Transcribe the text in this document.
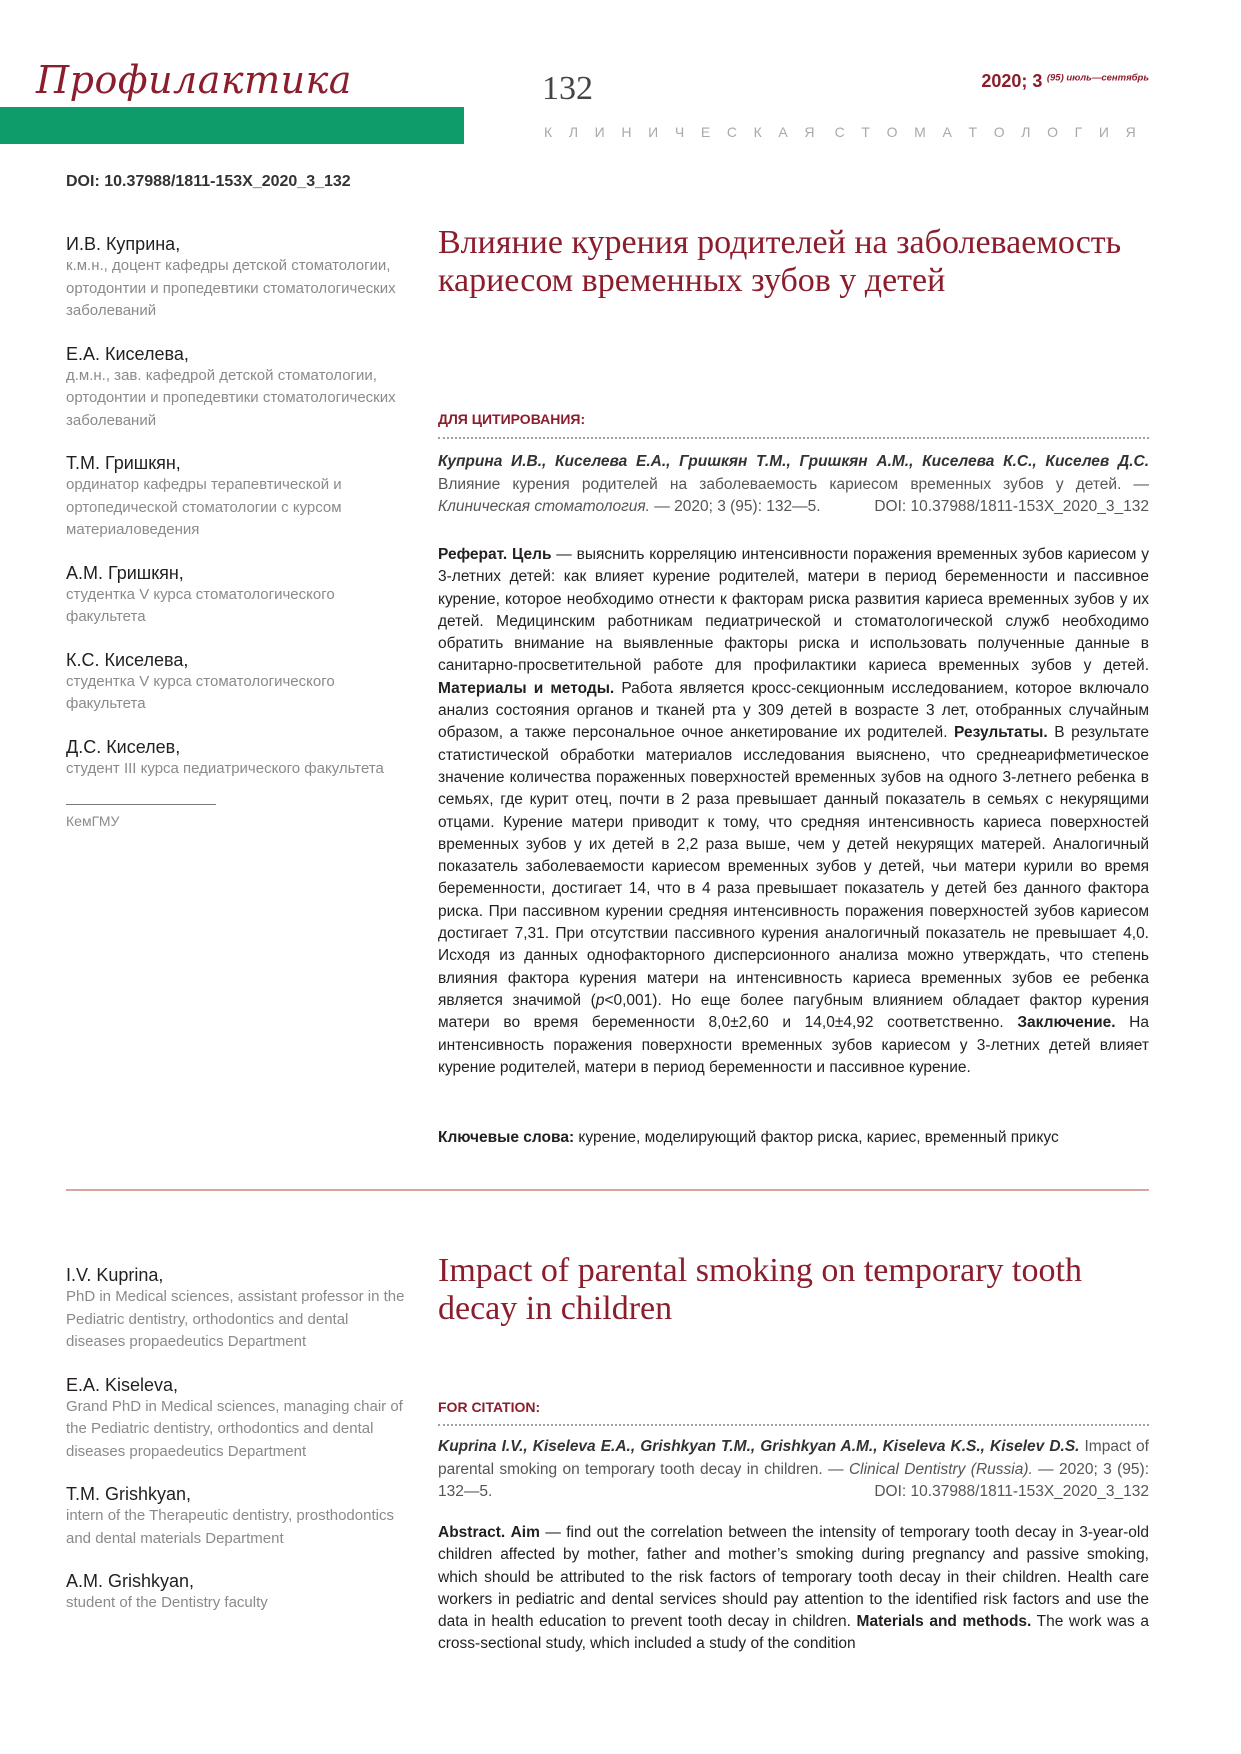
Профилактика	132	2020; 3 $^{(95) июль—сентябрь}$
К Л И Н И Ч Е С К А Я С Т О М А Т О Л О Г И Я
DOI: 10.37988/1811-153X_2020_3_132
И.В. Куприна,
к.м.н., доцент кафедры детской стоматологии, ортодонтии и пропедевтики стоматологических заболеваний
Е.А. Киселева,
д.м.н., зав. кафедрой детской стоматологии, ортодонтии и пропедевтики стоматологических заболеваний
Т.М. Гришкян,
ординатор кафедры терапевтической и ортопедической стоматологии с курсом материаловедения
А.М. Гришкян,
студентка V курса стоматологического факультета
К.С. Киселева,
студентка V курса стоматологического факультета
Д.С. Киселев,
студент III курса педиатрического факультета
КемГМУ
Влияние курения родителей на заболеваемость кариесом временных зубов у детей
ДЛЯ ЦИТИРОВАНИЯ:
Куприна И.В., Киселева Е.А., Гришкян Т.М., Гришкян А.М., Киселева К.С., Киселев Д.С. Влияние курения родителей на заболеваемость кариесом временных зубов у детей. — Клиническая стоматология. — 2020; 3 (95): 132—5.	DOI: 10.37988/1811-153X_2020_3_132
Реферат. Цель — выяснить корреляцию интенсивности поражения временных зубов кариесом у 3-летних детей: как влияет курение родителей, матери в период беременности и пассивное курение, которое необходимо отнести к факторам риска развития кариеса временных зубов у их детей. Медицинским работникам педиатрической и стоматологической служб необходимо обратить внимание на выявленные факторы риска и использовать полученные данные в санитарно-просветительной работе для профилактики кариеса временных зубов у детей. Материалы и методы. Работа является кросс-секционным исследованием, которое включало анализ состояния органов и тканей рта у 309 детей в возрасте 3 лет, отобранных случайным образом, а также персональное очное анкетирование их родителей. Результаты. В результате статистической обработки материалов исследования выяснено, что среднеарифметическое значение количества пораженных поверхностей временных зубов на одного 3-летнего ребенка в семьях, где курит отец, почти в 2 раза превышает данный показатель в семьях с некурящими отцами. Курение матери приводит к тому, что средняя интенсивность кариеса поверхностей временных зубов у их детей в 2,2 раза выше, чем у детей некурящих матерей. Аналогичный показатель заболеваемости кариесом временных зубов у детей, чьи матери курили во время беременности, достигает 14, что в 4 раза превышает показатель у детей без данного фактора риска. При пассивном курении средняя интенсивность поражения поверхностей зубов кариесом достигает 7,31. При отсутствии пассивного курения аналогичный показатель не превышает 4,0. Исходя из данных однофакторного дисперсионного анализа можно утверждать, что степень влияния фактора курения матери на интенсивность кариеса временных зубов ее ребенка является значимой (p<0,001). Но еще более пагубным влиянием обладает фактор курения матери во время беременности 8,0±2,60 и 14,0±4,92 соответственно. Заключение. На интенсивность поражения поверхности временных зубов кариесом у 3-летних детей влияет курение родителей, матери в период беременности и пассивное курение.
Ключевые слова: курение, моделирующий фактор риска, кариес, временный прикус
I.V. Kuprina,
PhD in Medical sciences, assistant professor in the Pediatric dentistry, orthodontics and dental diseases propaedeutics Department
E.A. Kiseleva,
Grand PhD in Medical sciences, managing chair of the Pediatric dentistry, orthodontics and dental diseases propaedeutics Department
T.M. Grishkyan,
intern of the Therapeutic dentistry, prosthodontics and dental materials Department
A.M. Grishkyan,
student of the Dentistry faculty
Impact of parental smoking on temporary tooth decay in children
FOR CITATION:
Kuprina I.V., Kiseleva E.A., Grishkyan T.M., Grishkyan A.M., Kiseleva K.S., Kiselev D.S. Impact of parental smoking on temporary tooth decay in children. — Clinical Dentistry (Russia). — 2020; 3 (95): 132—5.	DOI: 10.37988/1811-153X_2020_3_132
Abstract. Aim — find out the correlation between the intensity of temporary tooth decay in 3-year-old children affected by mother, father and mother’s smoking during pregnancy and passive smoking, which should be attributed to the risk factors of temporary tooth decay in their children. Health care workers in pediatric and dental services should pay attention to the identified risk factors and use the data in health education to prevent tooth decay in children. Materials and methods. The work was a cross-sectional study, which included a study of the condition
